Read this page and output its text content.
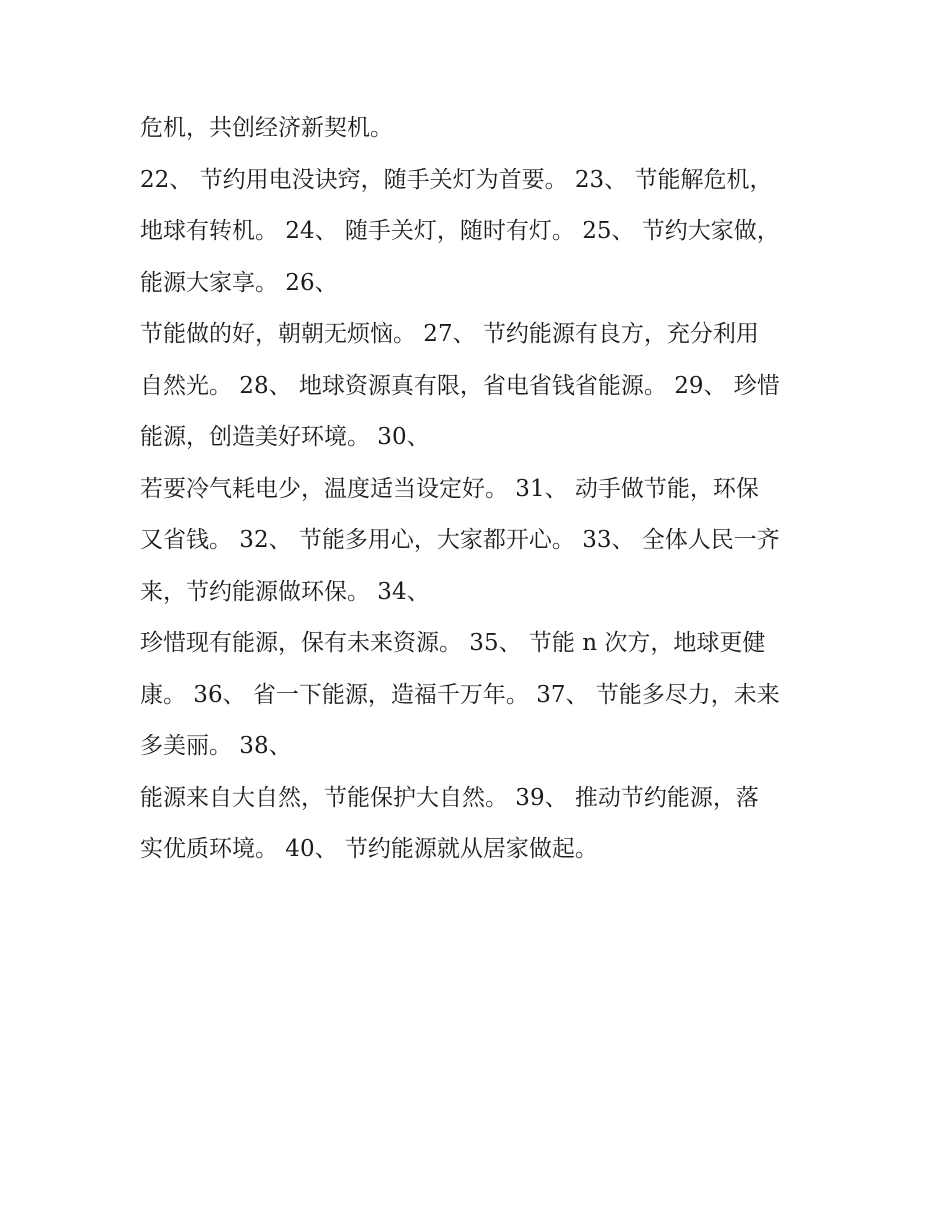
危机，共创经济新契机。
22、 节约用电没诀窍，随手关灯为首要。 23、 节能解危机，
地球有转机。 24、 随手关灯，随时有灯。 25、 节约大家做，
能源大家享。 26、
节能做的好，朝朝无烦恼。 27、 节约能源有良方，充分利用
自然光。 28、 地球资源真有限，省电省钱省能源。 29、 珍惜
能源，创造美好环境。 30、
若要冷气耗电少，温度适当设定好。 31、 动手做节能，环保
又省钱。 32、 节能多用心，大家都开心。 33、 全体人民一齐
来，节约能源做环保。 34、
珍惜现有能源，保有未来资源。 35、 节能 n 次方，地球更健
康。 36、 省一下能源，造福千万年。 37、 节能多尽力，未来
多美丽。 38、
能源来自大自然，节能保护大自然。 39、 推动节约能源，落
实优质环境。 40、 节约能源就从居家做起。
